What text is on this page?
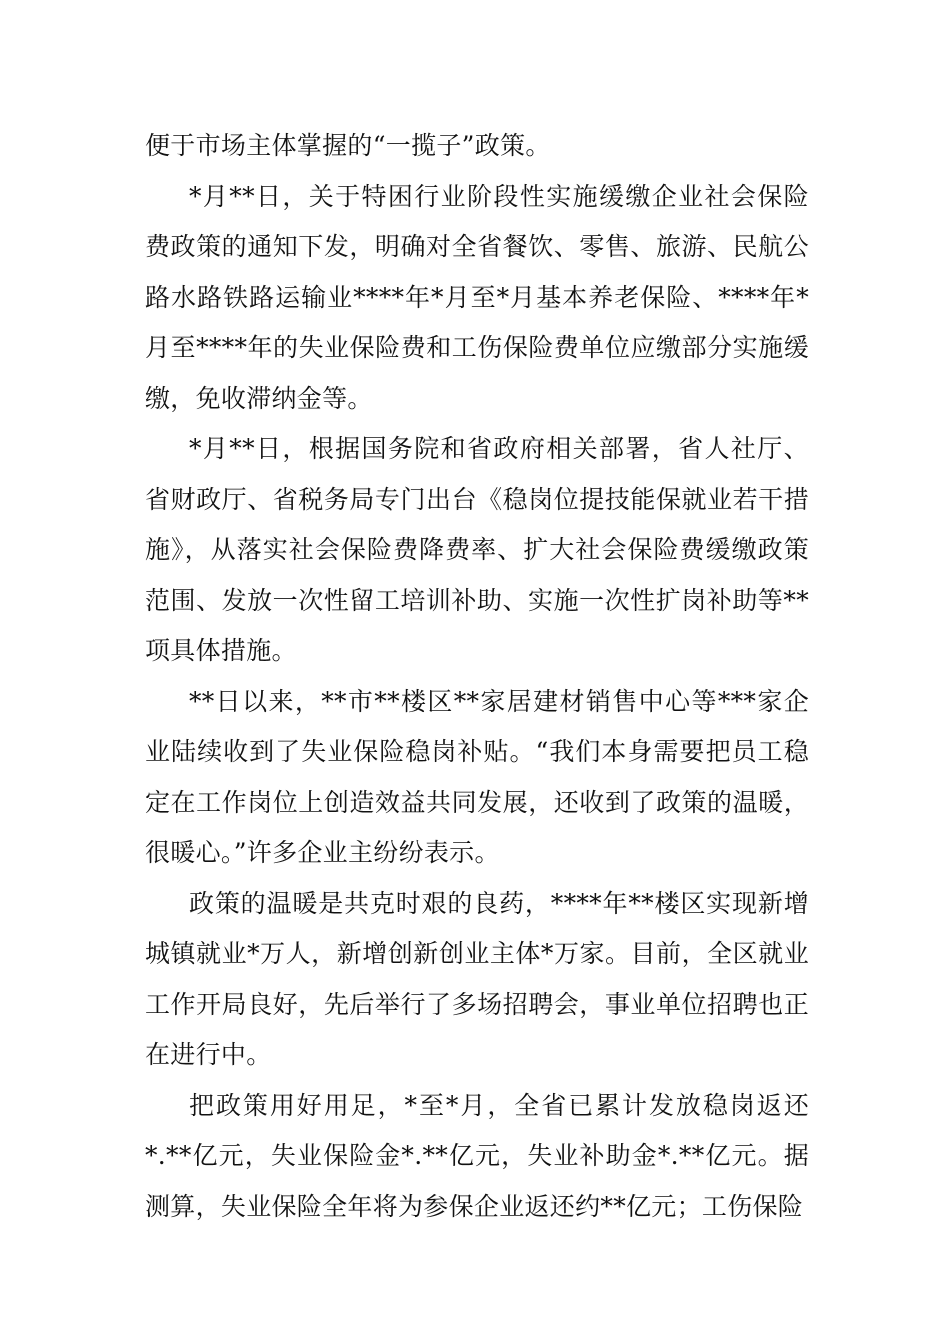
便于市场主体掌握的“一揽子”政策。

*月**日，关于特困行业阶段性实施缓缴企业社会保险费政策的通知下发，明确对全省餐饮、零售、旅游、民航公路水路铁路运输业****年*月至*月基本养老保险、****年*月至****年的失业保险费和工伤保险费单位应缴部分实施缓缴，免收滞纳金等。

*月**日，根据国务院和省政府相关部署，省人社厅、省财政厅、省税务局专门出台《稳岗位提技能保就业若干措施》，从落实社会保险费降费率、扩大社会保险费缓缴政策范围、发放一次性留工培训补助、实施一次性扩岗补助等**项具体措施。

**日以来，**市**楼区**家居建材销售中心等***家企业陆续收到了失业保险稳岗补贴。“我们本身需要把员工稳定在工作岗位上创造效益共同发展，还收到了政策的温暖，很暖心。”许多企业主纷纷表示。

政策的温暖是共克时艰的良药，****年**楼区实现新增城镇就业*万人，新增创新创业主体*万家。目前，全区就业工作开局良好，先后举行了多场招聘会，事业单位招聘也正在进行中。

把政策用好用足，*至*月，全省已累计发放稳岗返还*.**亿元，失业保险金*.**亿元，失业补助金*.**亿元。据测算，失业保险全年将为参保企业返还约**亿元；工伤保险
